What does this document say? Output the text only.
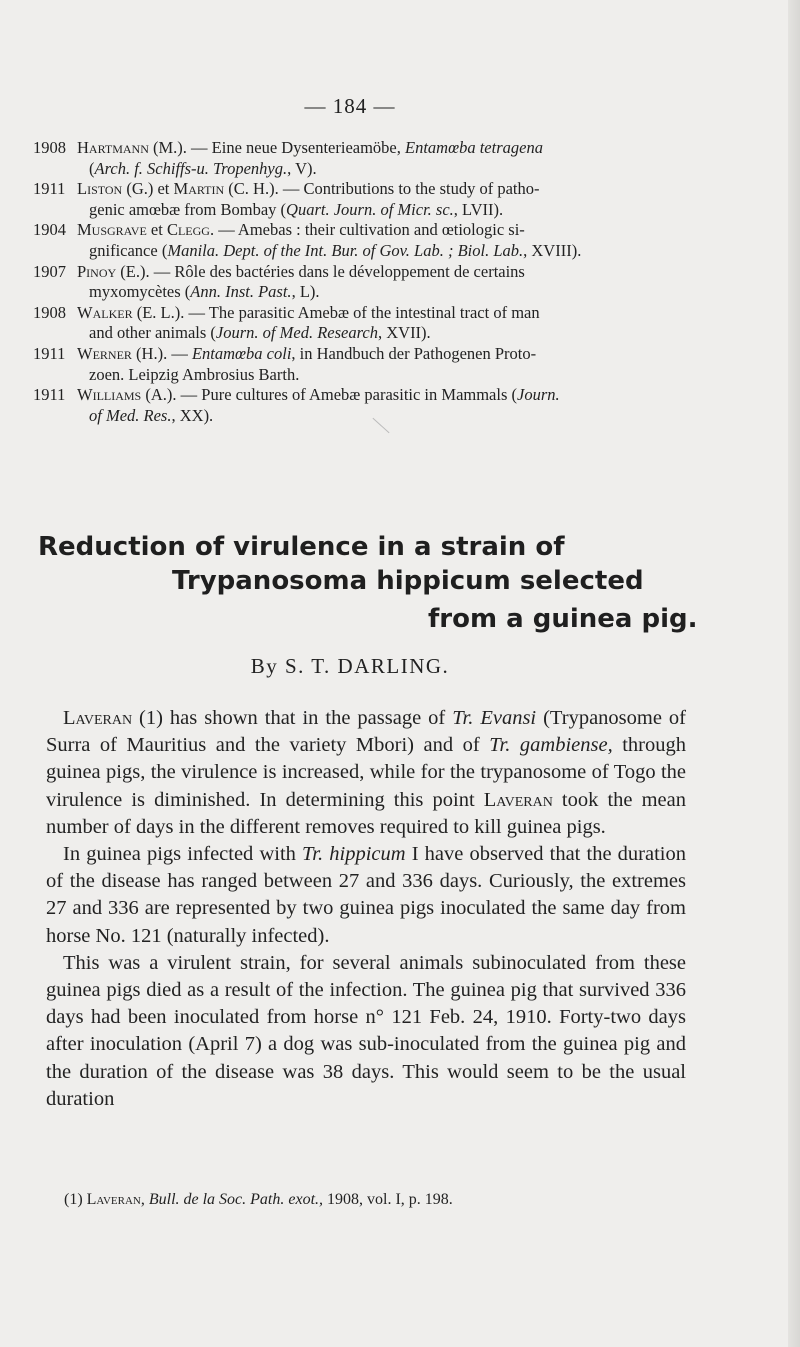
— 184 —
1908 Hartmann (M.). — Eine neue Dysenterieamöbe, Entamœba tetragena
(Arch. f. Schiffs-u. Tropenhyg., V).
1911 Liston (G.) et Martin (C. H.). — Contributions to the study of patho-
genic amœbæ from Bombay (Quart. Journ. of Micr. sc., LVII).
1904 Musgrave et Clegg. — Amebas : their cultivation and œtiologic si-
gnificance (Manila. Dept. of the Int. Bur. of Gov. Lab. ; Biol. Lab., XVIII).
1907 Pinoy (E.). — Rôle des bactéries dans le développement de certains
myxomycètes (Ann. Inst. Past., L).
1908 Walker (E. L.). — The parasitic Amebæ of the intestinal tract of man
and other animals (Journ. of Med. Research, XVII).
1911 Werner (H.). — Entamœba coli, in Handbuch der Pathogenen Proto-
zoen. Leipzig Ambrosius Barth.
1911 Williams (A.). — Pure cultures of Amebæ parasitic in Mammals (Journ.
of Med. Res., XX).
Reduction of virulence in a strain of
Trypanosoma hippicum selected
from a guinea pig.
By S. T. DARLING.

Laveran (1) has shown that in the passage of Tr. Evansi (Trypanosome of Surra of Mauritius and the variety Mbori) and of Tr. gambiense, through guinea pigs, the virulence is increased, while for the trypanosome of Togo the virulence is diminished. In determining this point Laveran took the mean number of days in the different removes required to kill guinea pigs.

In guinea pigs infected with Tr. hippicum I have observed that the duration of the disease has ranged between 27 and 336 days. Curiously, the extremes 27 and 336 are represented by two guinea pigs inoculated the same day from horse No. 121 (naturally infected).

This was a virulent strain, for several animals subinoculated from these guinea pigs died as a result of the infection. The guinea pig that survived 336 days had been inoculated from horse n° 121 Feb. 24, 1910. Forty-two days after inoculation (April 7) a dog was sub-inoculated from the guinea pig and the duration of the disease was 38 days. This would seem to be the usual duration

(1) Laveran, Bull. de la Soc. Path. exot., 1908, vol. I, p. 198.
